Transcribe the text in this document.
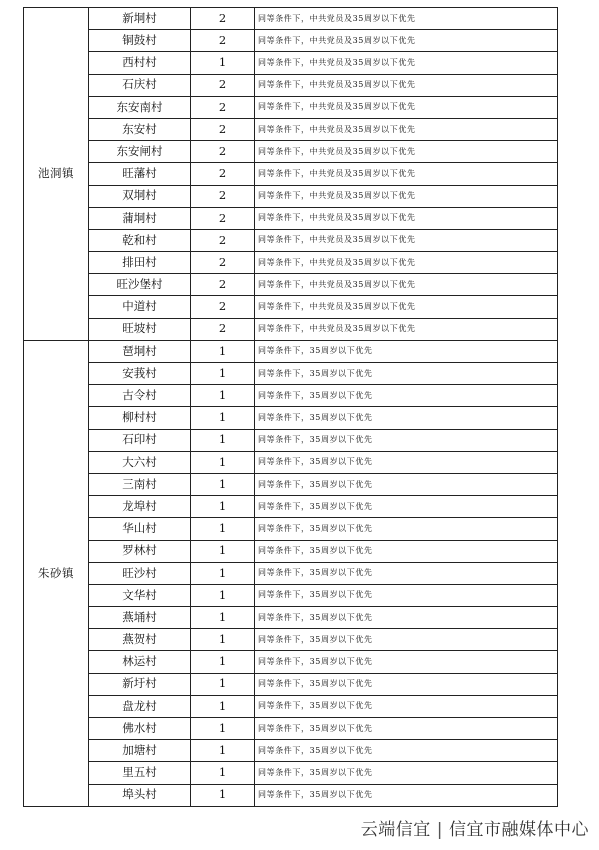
池洞镇	新垌村	2	同等条件下，中共党员及35周岁以下优先
	铜鼓村	2	同等条件下，中共党员及35周岁以下优先
	西村村	1	同等条件下，中共党员及35周岁以下优先
	石庆村	2	同等条件下，中共党员及35周岁以下优先
	东安南村	2	同等条件下，中共党员及35周岁以下优先
	东安村	2	同等条件下，中共党员及35周岁以下优先
	东安闸村	2	同等条件下，中共党员及35周岁以下优先
	旺藩村	2	同等条件下，中共党员及35周岁以下优先
	双垌村	2	同等条件下，中共党员及35周岁以下优先
	蒲垌村	2	同等条件下，中共党员及35周岁以下优先
	乾和村	2	同等条件下，中共党员及35周岁以下优先
	排田村	2	同等条件下，中共党员及35周岁以下优先
	旺沙堡村	2	同等条件下，中共党员及35周岁以下优先
	中道村	2	同等条件下，中共党员及35周岁以下优先
	旺坡村	2	同等条件下，中共党员及35周岁以下优先
朱砂镇	琶垌村	1	同等条件下，35周岁以下优先
	安莪村	1	同等条件下，35周岁以下优先
	古令村	1	同等条件下，35周岁以下优先
	柳村村	1	同等条件下，35周岁以下优先
	石印村	1	同等条件下，35周岁以下优先
	大六村	1	同等条件下，35周岁以下优先
	三南村	1	同等条件下，35周岁以下优先
	龙埠村	1	同等条件下，35周岁以下优先
	华山村	1	同等条件下，35周岁以下优先
	罗林村	1	同等条件下，35周岁以下优先
	旺沙村	1	同等条件下，35周岁以下优先
	文华村	1	同等条件下，35周岁以下优先
	燕埇村	1	同等条件下，35周岁以下优先
	燕贺村	1	同等条件下，35周岁以下优先
	林运村	1	同等条件下，35周岁以下优先
	新圩村	1	同等条件下，35周岁以下优先
	盘龙村	1	同等条件下，35周岁以下优先
	佛水村	1	同等条件下，35周岁以下优先
	加塘村	1	同等条件下，35周岁以下优先
	里五村	1	同等条件下，35周岁以下优先
	埠头村	1	同等条件下，35周岁以下优先
云端信宜 | 信宜市融媒体中心
